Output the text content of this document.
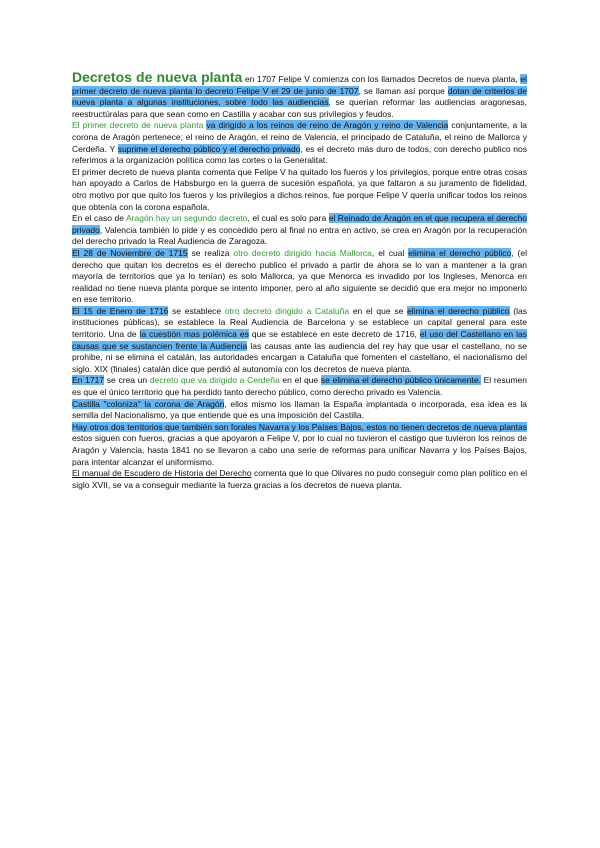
Decretos de nueva planta en 1707 Felipe V comienza con los llamados Decretos de nueva planta, el primer decreto de nueva planta lo decreto Felipe V el 29 de junio de 1707, se llaman así porque dotan de criterios de nueva planta a algunas instituciones, sobre todo las audiencias, se querían reformar las audiencias aragonesas, reestructúralas para que sean como en Castilla y acabar con sus privilegios y feudos.

El primer decreto de nueva planta va dirigido a los reinos de reino de Aragón y reino de Valencia conjuntamente, a la corona de Aragón pertenece; el reino de Aragón, el reino de Valencia, el principado de Cataluña, el reino de Mallorca y Cerdeña. Y suprime el derecho público y el derecho privado, es el decreto más duro de todos, con derecho publico nos referimos a la organización política como las cortes o la Generalitat.

El primer decreto de nueva planta comenta que Felipe V ha quitado los fueros y los privilegios, porque entre otras cosas han apoyado a Carlos de Habsburgo en la guerra de sucesión española, ya que faltaron a su juramento de fidelidad, otro motivo por que quito los fueros y los privilegios a dichos reinos, fue porque Felipe V quería unificar todos los reinos que obtenía con la corona española.

En el caso de Aragón hay un segundo decreto, el cual es solo para el Reinado de Aragón en el que recupera el derecho privado, Valencia también lo pide y es concedido pero al final no entra en activo, se crea en Aragón por la recuperación del derecho privado la Real Audiencia de Zaragoza.

El 28 de Noviembre de 1715 se realiza otro decreto dirigido hacia Mallorca, el cual elimina el derecho público, (el derecho que quitan los decretos es el derecho publico el privado a partir de ahora se lo van a mantener a la gran mayoría de territorios que ya lo tenían) es solo Mallorca, ya que Menorca es invadido por los Ingleses, Menorca en realidad no tiene nueva planta porque se intento imponer, pero al año siguiente se decidió que era mejor no imponerlo en ese territorio.

El 15 de Enero de 1716 se establece otro decreto dirigido a Cataluña en el que se elimina el derecho público (las instituciones públicas), se establece la Real Audiencia de Barcelona y se establece un capital general para este territorio. Una de la cuestión mas polémica es que se establece en este decreto de 1716, el uso del Castellano en las causas que se sustancien frente la Audiencia las causas ante las audiencia del rey hay que usar el castellano, no se prohibe, ni se elimina el catalán, las autoridades encargan a Cataluña que fomenten el castellano, el nacionalismo del siglo. XIX (finales) catalán dice que perdió al autonomía con los decretos de nueva planta.

En 1717 se crea un decreto que va dirigido a Cerdeña en el que se elimina el derecho público únicamente. El resumen es que el único territorio que ha perdido tanto derecho público, como derecho privado es Valencia.

Castilla "coloniza" la corona de Aragón, ellos mismo los llaman la España implantada o incorporada, esa idea es la semilla del Nacionalismo, ya que entiende que es una imposición del Castilla.

Hay otros dos territorios que también son forales Navarra y los Países Bajos, estos no tienen decretos de nueva plantas estos siguen con fueros, gracias a que apoyaron a Felipe V, por lo cual no tuvieron el castigo que tuvieron los reinos de Aragón y Valencia, hasta 1841 no se llevaron a cabo una serie de reformas para unificar Navarra y los Países Bajos, para intentar alcanzar el uniformismo.

El manual de Escudero de Historia del Derecho comenta que lo que Olivares no pudo conseguir como plan político en el siglo XVII, se va a conseguir mediante la fuerza gracias a los decretos de nueva planta.
